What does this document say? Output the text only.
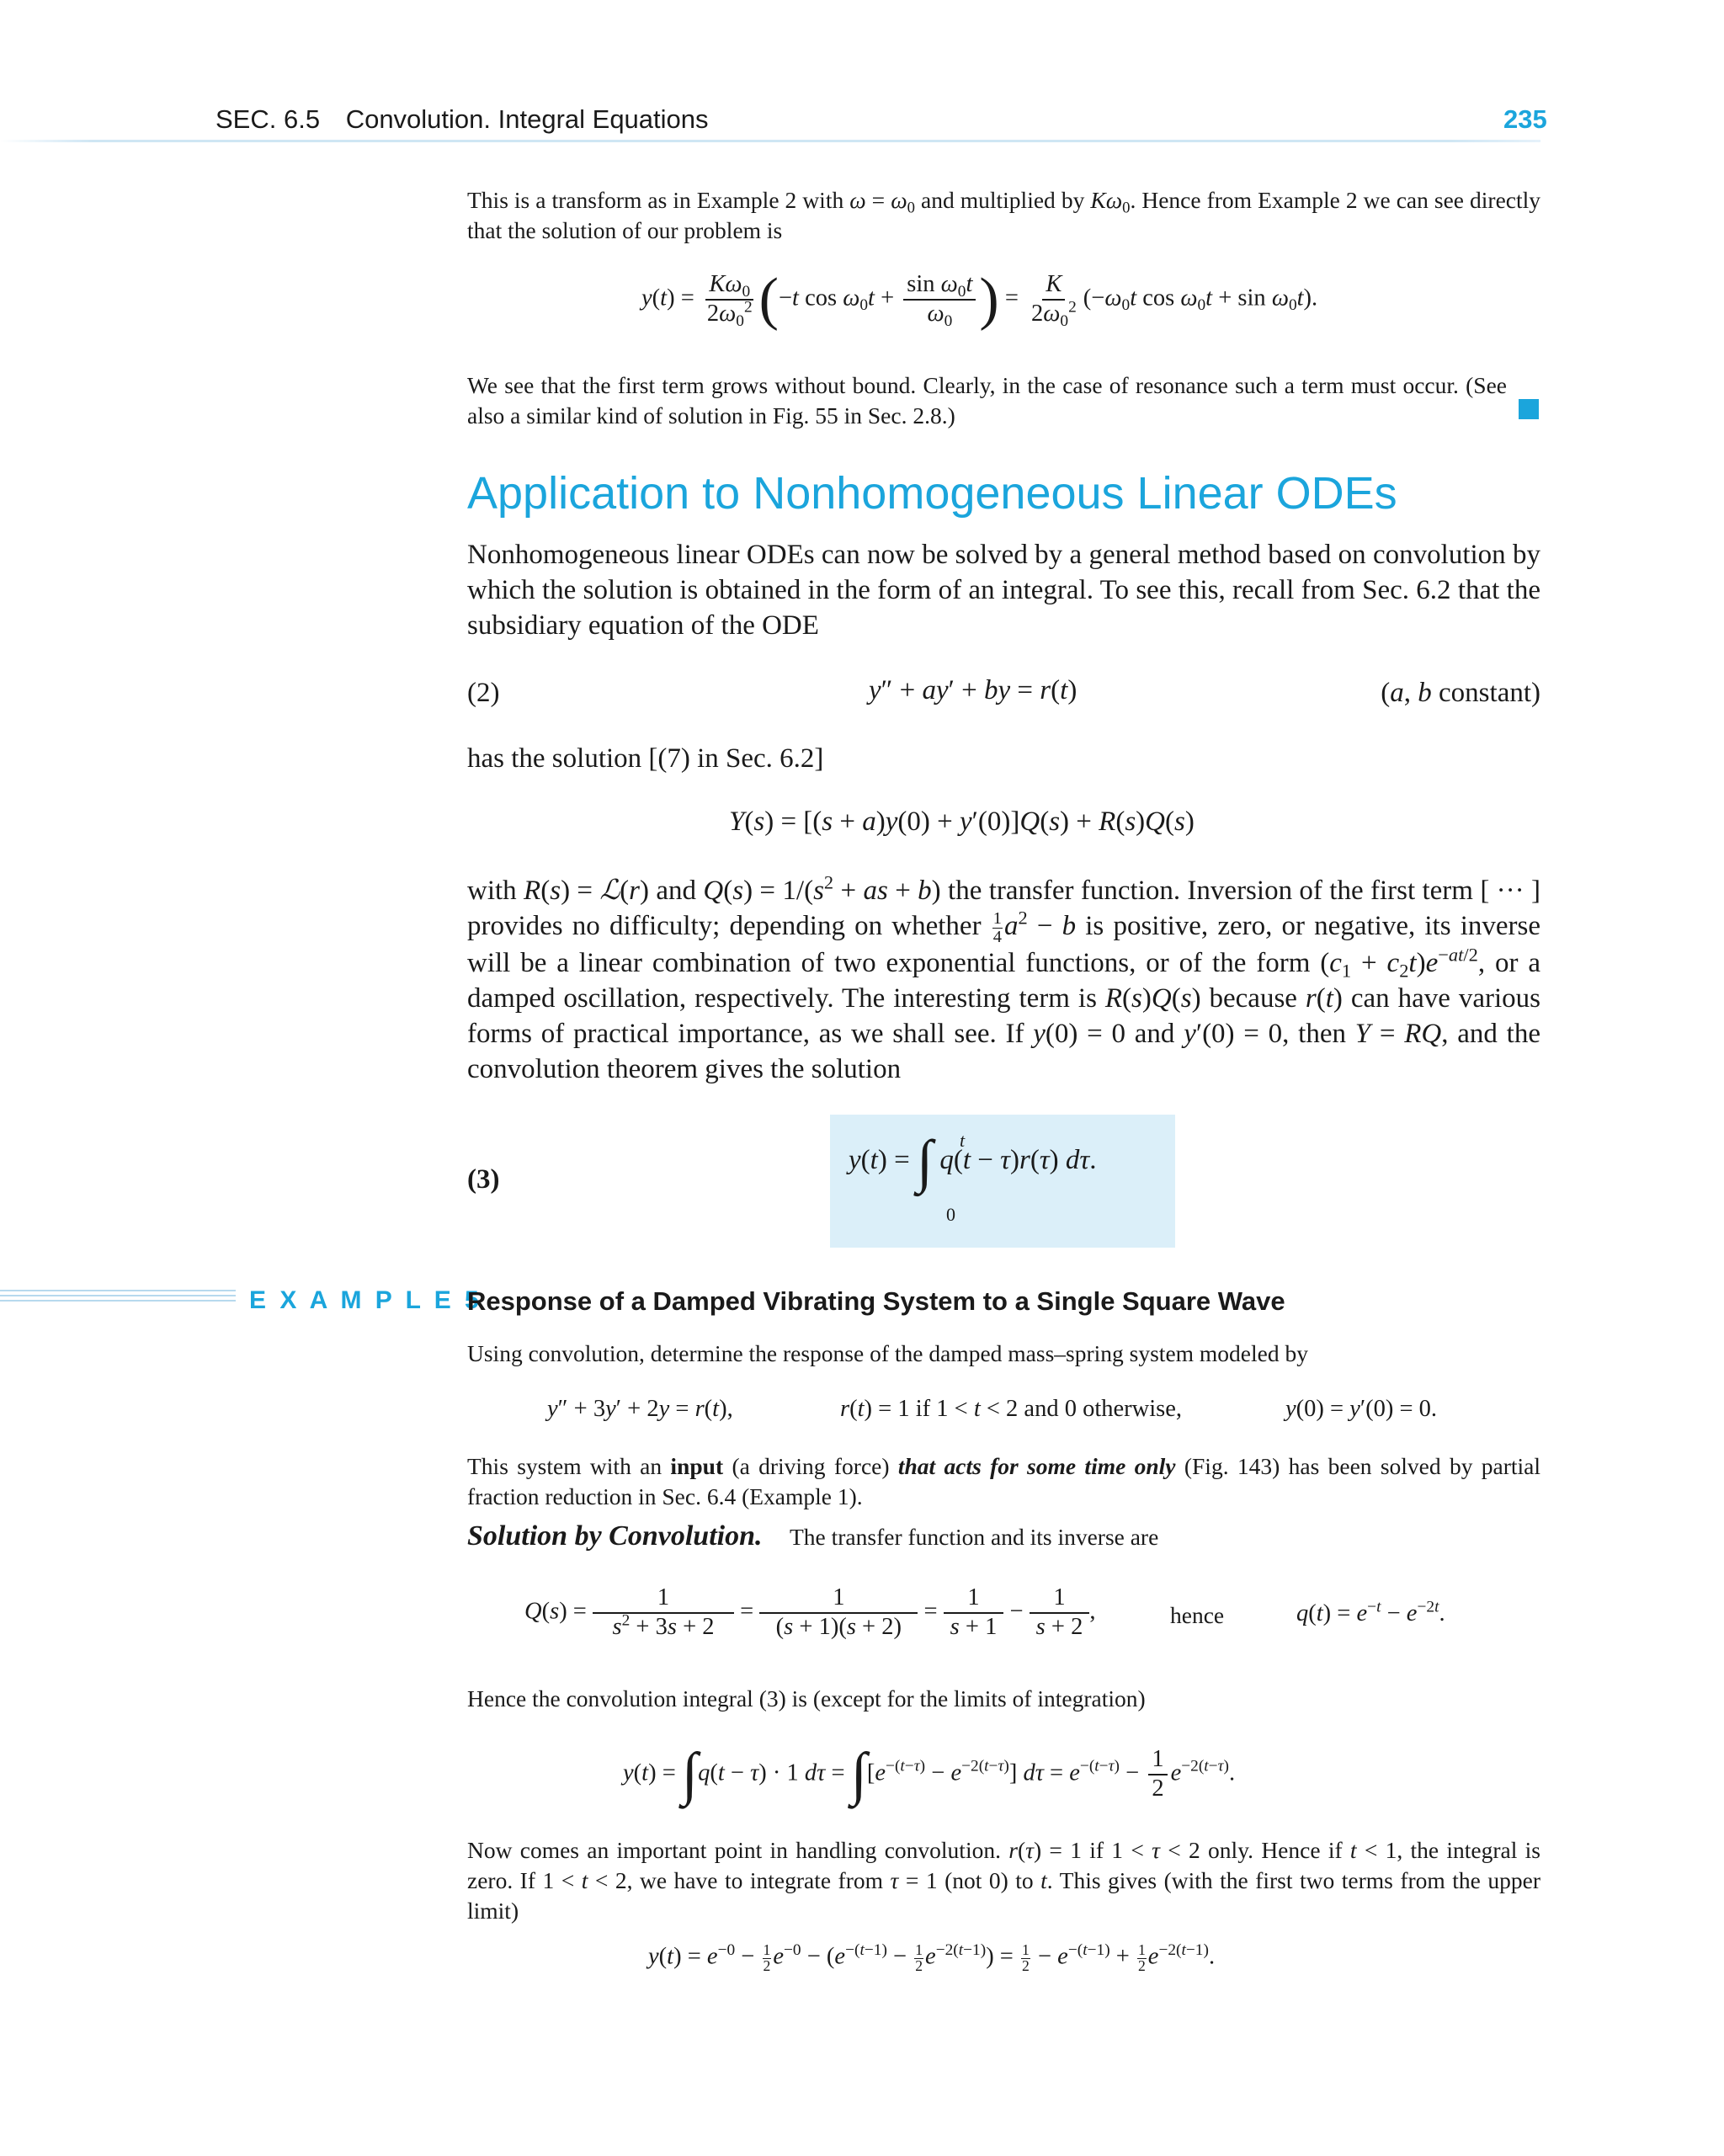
SEC. 6.5 Convolution. Integral Equations	235
This is a transform as in Example 2 with $\omega = \omega_0$ and multiplied by $K\omega_0$. Hence from Example 2 we can see directly that the solution of our problem is
$y(t) = \frac{K\omega_0}{2\omega_0^2} (-t$ $\cos \omega_0t + \frac{\sin \omega_0t}{\omega_0}$ ) = $\frac{K}{2\omega_0^2} (-\omega_0t$ $\cos \omega_0t + \sin \omega_0t$).
We see that the first term grows without bound. Clearly, in the case of resonance such a term must occur. (See also a similar kind of solution in Fig. 55 in Sec. 2.8.)
Application to Nonhomogeneous Linear ODEs
Nonhomogeneous linear ODEs can now be solved by a general method based on convolution by which the solution is obtained in the form of an integral. To see this, recall from Sec. 6.2 that the subsidiary equation of the ODE
(2)	y″ + ay′ + by = r(t)	(a, b constant)
has the solution [(7) in Sec. 6.2]
Y(s) = [(s + a)y(0) + y′(0)]Q(s) + R(s)Q(s)
with R(s) = ℒ(r) and $Q(s) = 1/(s^2$ + as + b) the transfer function. Inversion of the first term [ ··· ] provides no difficulty; depending on whether $\frac{1}{4} a^2 - b$ is positive, zero, or negative, its inverse will be a linear combination of two exponential functions, or of the form $(c_1 + c_2t)e^{-at/2}$, or a damped oscillation, respectively. The interesting term is R(s)Q(s) because r(t) can have various forms of practical importance, as we shall see. If y(0) = 0 and y′(0) = 0, then Y = RQ, and the convolution theorem gives the solution
(3)
y(t) = ∫ t
0
q(t − τ)r(τ) dτ.
E X A M P L E 5
Response of a Damped Vibrating System to a Single Square Wave
Using convolution, determine the response of the damped mass–spring system modeled by
y″ + 3y′ + 2y = r(t),	r(t) = 1 if 1 < t < 2 and 0 otherwise,	y(0) = y′(0) = 0.
This system with an input (a driving force) that acts for some time only (Fig. 143) has been solved by partial fraction reduction in Sec. 6.4 (Example 1).
Solution by Convolution. The transfer function and its inverse are
$Q(s) = \frac{1}{s^2 + 3s + 2} = \frac{1}{(s + 1)(s + 2)} = \frac{1}{s + 1} - \frac{1}{s + 2}$ ,	hence	$q(t) = e^{-t} - e^{-2t}$.
Hence the convolution integral (3) is (except for the limits of integration)
y(t) = ∫q(t − τ) · 1 $d\tau = \int[e^{-(t-\tau)} - e^{-2(t-\tau)}] d\tau = e^{-(t-\tau)} - \frac{1}{2} e^{-2(t-\tau)}$.
Now comes an important point in handling convolution. r(τ) = 1 if 1 < τ < 2 only. Hence if t < 1, the integral is zero. If 1 < t < 2, we have to integrate from τ = 1 (not 0) to t. This gives (with the first two terms from the upper limit)
$y(t) = e^{-0} - \frac{1}{2} e^{-0} - (e^{-(t-1)} - \frac{1}{2} e^{-2(t-1)}) = \frac{1}{2} - e^{-(t-1)} + \frac{1}{2} e^{-2(t-1)}$.
